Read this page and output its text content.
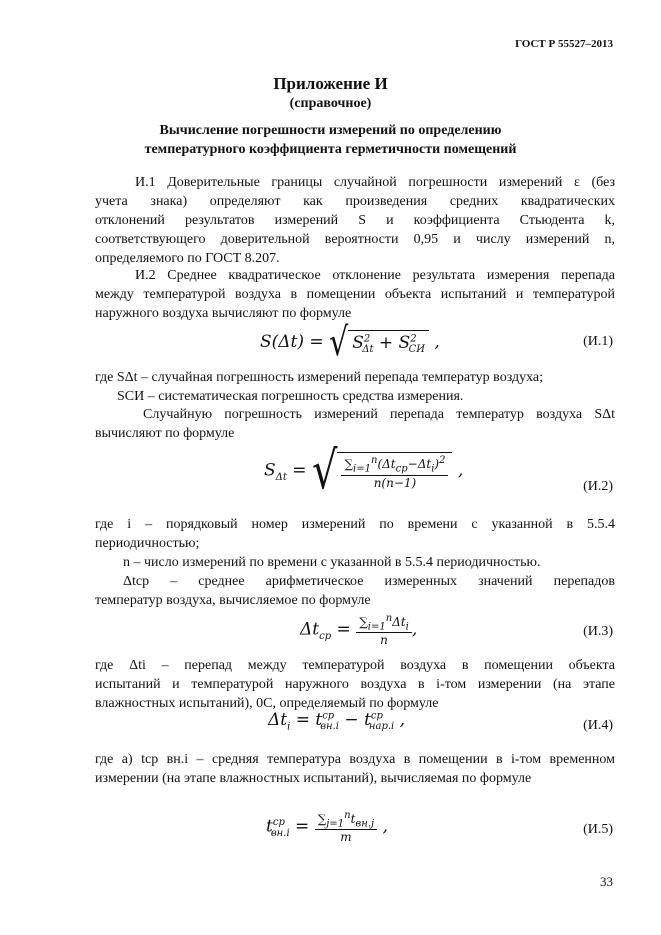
ГОСТ Р 55527–2013
Приложение И
(справочное)
Вычисление погрешности измерений по определению
температурного коэффициента герметичности помещений
И.1 Доверительные границы случайной погрешности измерений ε (без
учета знака) определяют как произведения средних квадратических
отклонений результатов измерений S и коэффициента Стьюдента k,
соответствующего доверительной вероятности 0,95 и числу измерений n,
определяемого по ГОСТ 8.207.
И.2 Среднее квадратическое отклонение результата измерения перепада
между температурой воздуха в помещении объекта испытаний и температурой
наружного воздуха вычисляют по формуле
S(Δt) = √ $S^2_{\Delta t} + S^2_{СИ}$ ,	(И.1)
где SΔt – случайная погрешность измерений перепада температур воздуха;
SСИ – систематическая погрешность средства измерения.
Случайную погрешность измерений перепада температур воздуха SΔt
вычисляют по формуле
$S_{\Delta t}$ = √ $\frac{\sum_{i=1}^n(\Delta t_{ср}-\Delta t_i)^2}{n(n-1)}$ ,
(И.2)
где i – порядковый номер измерений по времени с указанной в 5.5.4
периодичностью;
n – число измерений по времени с указанной в 5.5.4 периодичностью.
Δtср – среднее арифметическое измеренных значений перепадов
температур воздуха, вычисляемое по формуле
$\Delta t_{ср} = \frac{\sum_{i=1}^n\Delta t_i}{n}$ ,	(И.3)
где Δti – перепад между температурой воздуха в помещении объекта
испытаний и температурой наружного воздуха в i-том измерении (на этапе
влажностных испытаний), 0С, определяемый по формуле
$\Delta t_i = t^{ср}_{вн.i} - t^{ср}_{нар.i}$ ,	(И.4)
где а) tср вн.i – средняя температура воздуха в помещении в i-том временном
измерении (на этапе влажностных испытаний), вычисляемая по формуле
$t^{ср}_{вн.i} = \frac{\sum_{j=1}^nt_{вн.j}}{m}$ ,	(И.5)
33
